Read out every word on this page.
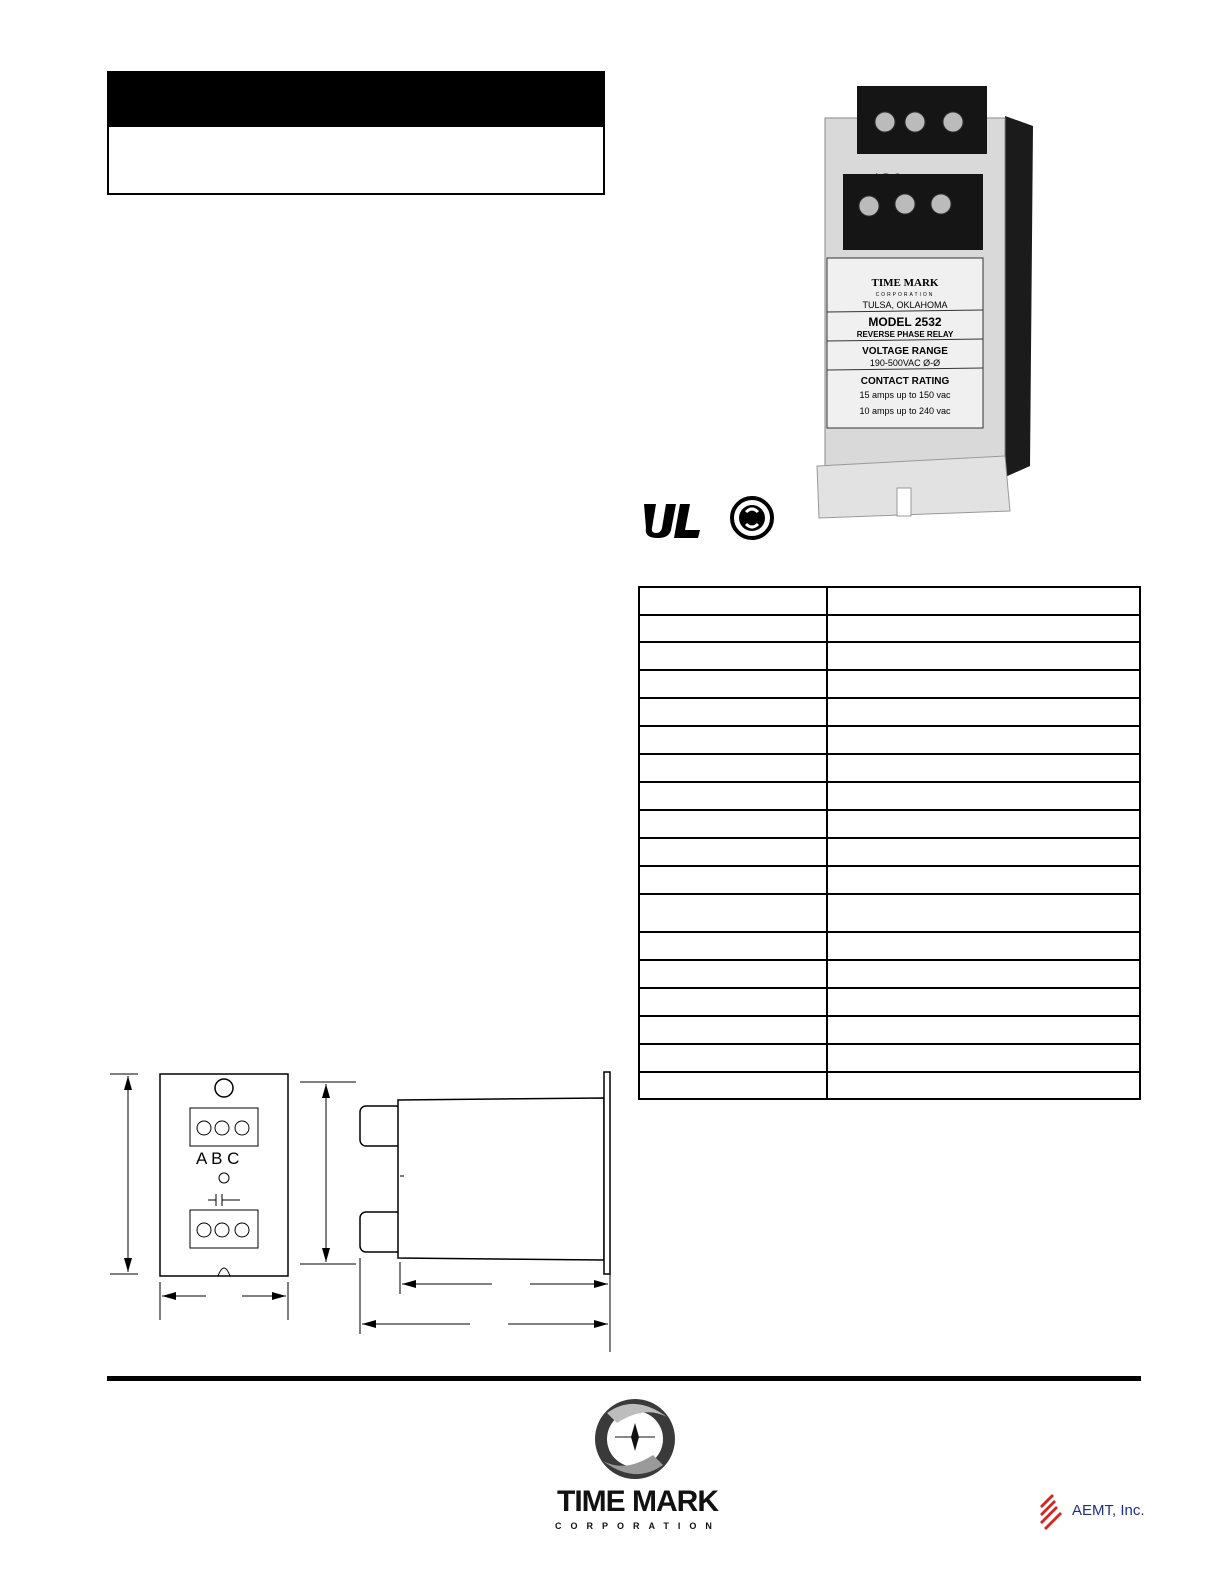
TIME MARK
CORPORATION
TULSA, OKLAHOMA
MODEL 2532
REVERSE PHASE RELAY
VOLTAGE RANGE
190-500VAC Ø-Ø
CONTACT RATING
15 amps up to 150 vac
10 amps up to 240 vac

A B C
TIME MARK
CORPORATION
AEMT, Inc.
